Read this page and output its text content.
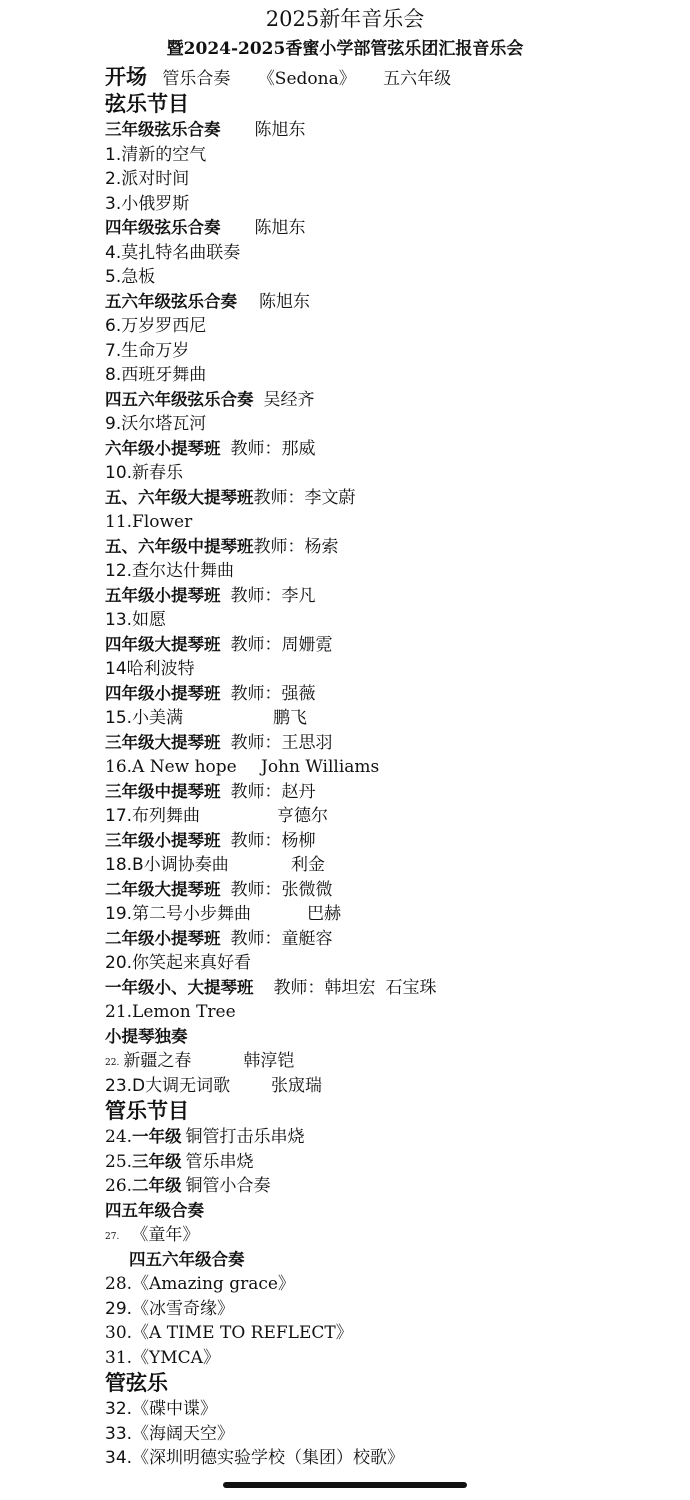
2025新年音乐会
暨2024-2025香蜜小学部管弦乐团汇报音乐会
开场 管乐合奏 《Sedona》 五六年级
弦乐节目
三年级弦乐合奏 陈旭东
1.清新的空气
2.派对时间
3.小俄罗斯
四年级弦乐合奏 陈旭东
4.莫扎特名曲联奏
5.急板
五六年级弦乐合奏 陈旭东
6.万岁罗西尼
7.生命万岁
8.西班牙舞曲
四五六年级弦乐合奏 吴经齐
9.沃尔塔瓦河
六年级小提琴班 教师：那威
10.新春乐
五、六年级大提琴班教师：李文蔚
11.Flower
五、六年级中提琴班教师：杨索
12.查尔达什舞曲
五年级小提琴班 教师：李凡
13.如愿
四年级大提琴班 教师：周姗霓
14哈利波特
四年级小提琴班 教师：强薇
15.小美满	鹏飞
三年级大提琴班 教师：王思羽
16.A New hope John Williams
三年级中提琴班 教师：赵丹
17.布列舞曲	亨德尔
三年级小提琴班 教师：杨柳
18.B小调协奏曲	利金
二年级大提琴班 教师：张微微
19.第二号小步舞曲	巴赫
二年级小提琴班 教师：童艇容
20.你笑起来真好看
一年级小、大提琴班 教师：韩坦宏 石宝珠
21.Lemon Tree
小提琴独奏
22. 新疆之春	韩淳铠
23.D大调无词歌 张宬瑞
管乐节目
24.一年级 铜管打击乐串烧
25.三年级 管乐串烧
26.二年级 铜管小合奏
四五年级合奏
27. 《童年》
四五六年级合奏
28.《Amazing grace》
29.《冰雪奇缘》
30.《A TIME TO REFLECT》
31.《YMCA》
管弦乐
32.《碟中谍》
33.《海阔天空》
34.《深圳明德实验学校（集团）校歌》
